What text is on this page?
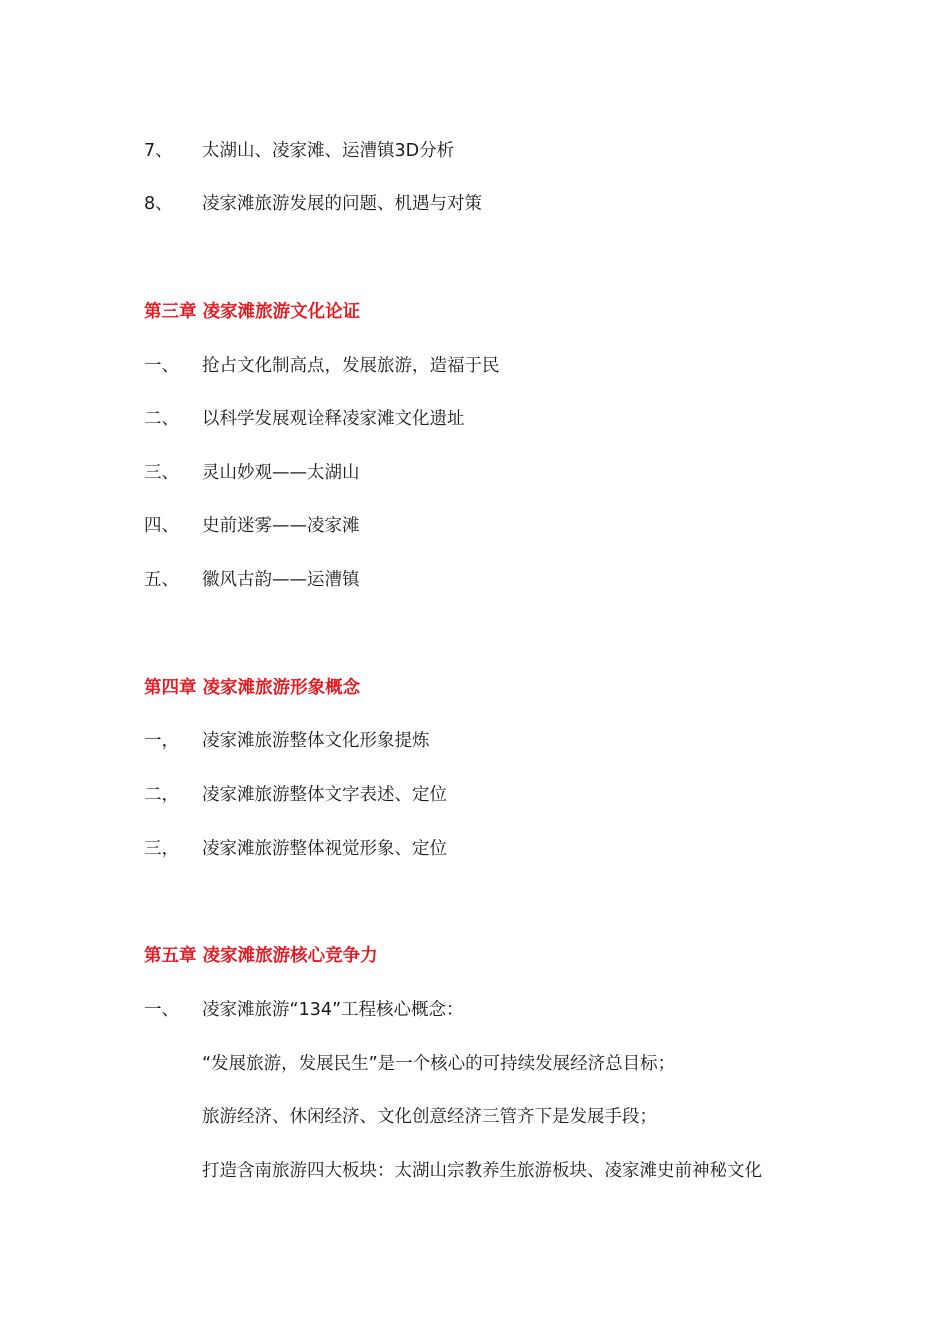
7、 太湖山、凌家滩、运漕镇3D分析
8、 凌家滩旅游发展的问题、机遇与对策
第三章 凌家滩旅游文化论证
一、 抢占文化制高点，发展旅游，造福于民
二、 以科学发展观诠释凌家滩文化遗址
三、 灵山妙观——太湖山
四、 史前迷雾——凌家滩
五、 徽风古韵——运漕镇
第四章 凌家滩旅游形象概念
一， 凌家滩旅游整体文化形象提炼
二， 凌家滩旅游整体文字表述、定位
三， 凌家滩旅游整体视觉形象、定位
第五章 凌家滩旅游核心竞争力
一、 凌家滩旅游“134”工程核心概念：
“发展旅游，发展民生”是一个核心的可持续发展经济总目标；
旅游经济、休闲经济、文化创意经济三管齐下是发展手段；
打造含南旅游四大板块：太湖山宗教养生旅游板块、凌家滩史前神秘文化
